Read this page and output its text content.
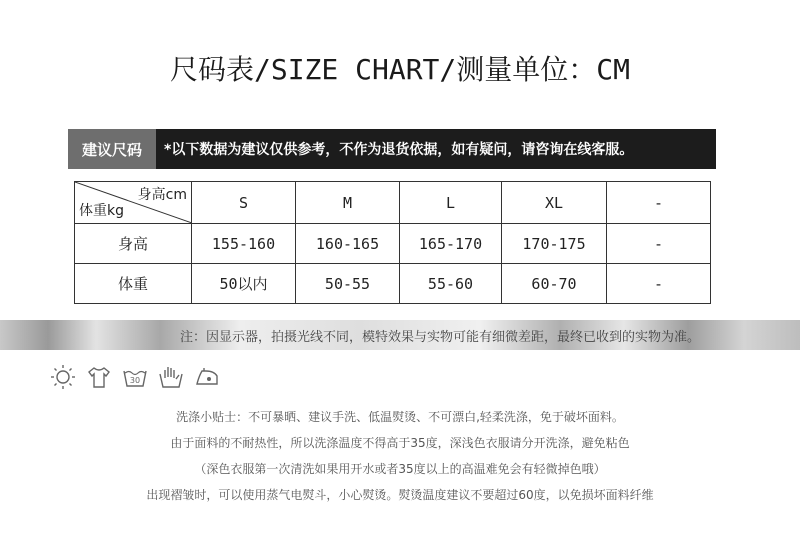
尺码表/SIZE CHART/测量单位：CM
建议尺码	*以下数据为建议仅供参考，不作为退货依据，如有疑问，请咨询在线客服。
身高cm
体重kg	S	M	L	XL	-
身高	155-160	160-165	165-170	170-175	-
体重	50以内	50-55	55-60	60-70	-
注：因显示器，拍摄光线不同，模特效果与实物可能有细微差距，最终已收到的实物为准。
30
洗涤小贴士：不可暴晒、建议手洗、低温熨烫、不可漂白,轻柔洗涤，免于破坏面料。
由于面料的不耐热性，所以洗涤温度不得高于35度，深浅色衣服请分开洗涤，避免粘色
（深色衣服第一次清洗如果用开水或者35度以上的高温难免会有轻微掉色哦）
出现褶皱时，可以使用蒸气电熨斗，小心熨烫。熨烫温度建议不要超过60度，以免损坏面料纤维
